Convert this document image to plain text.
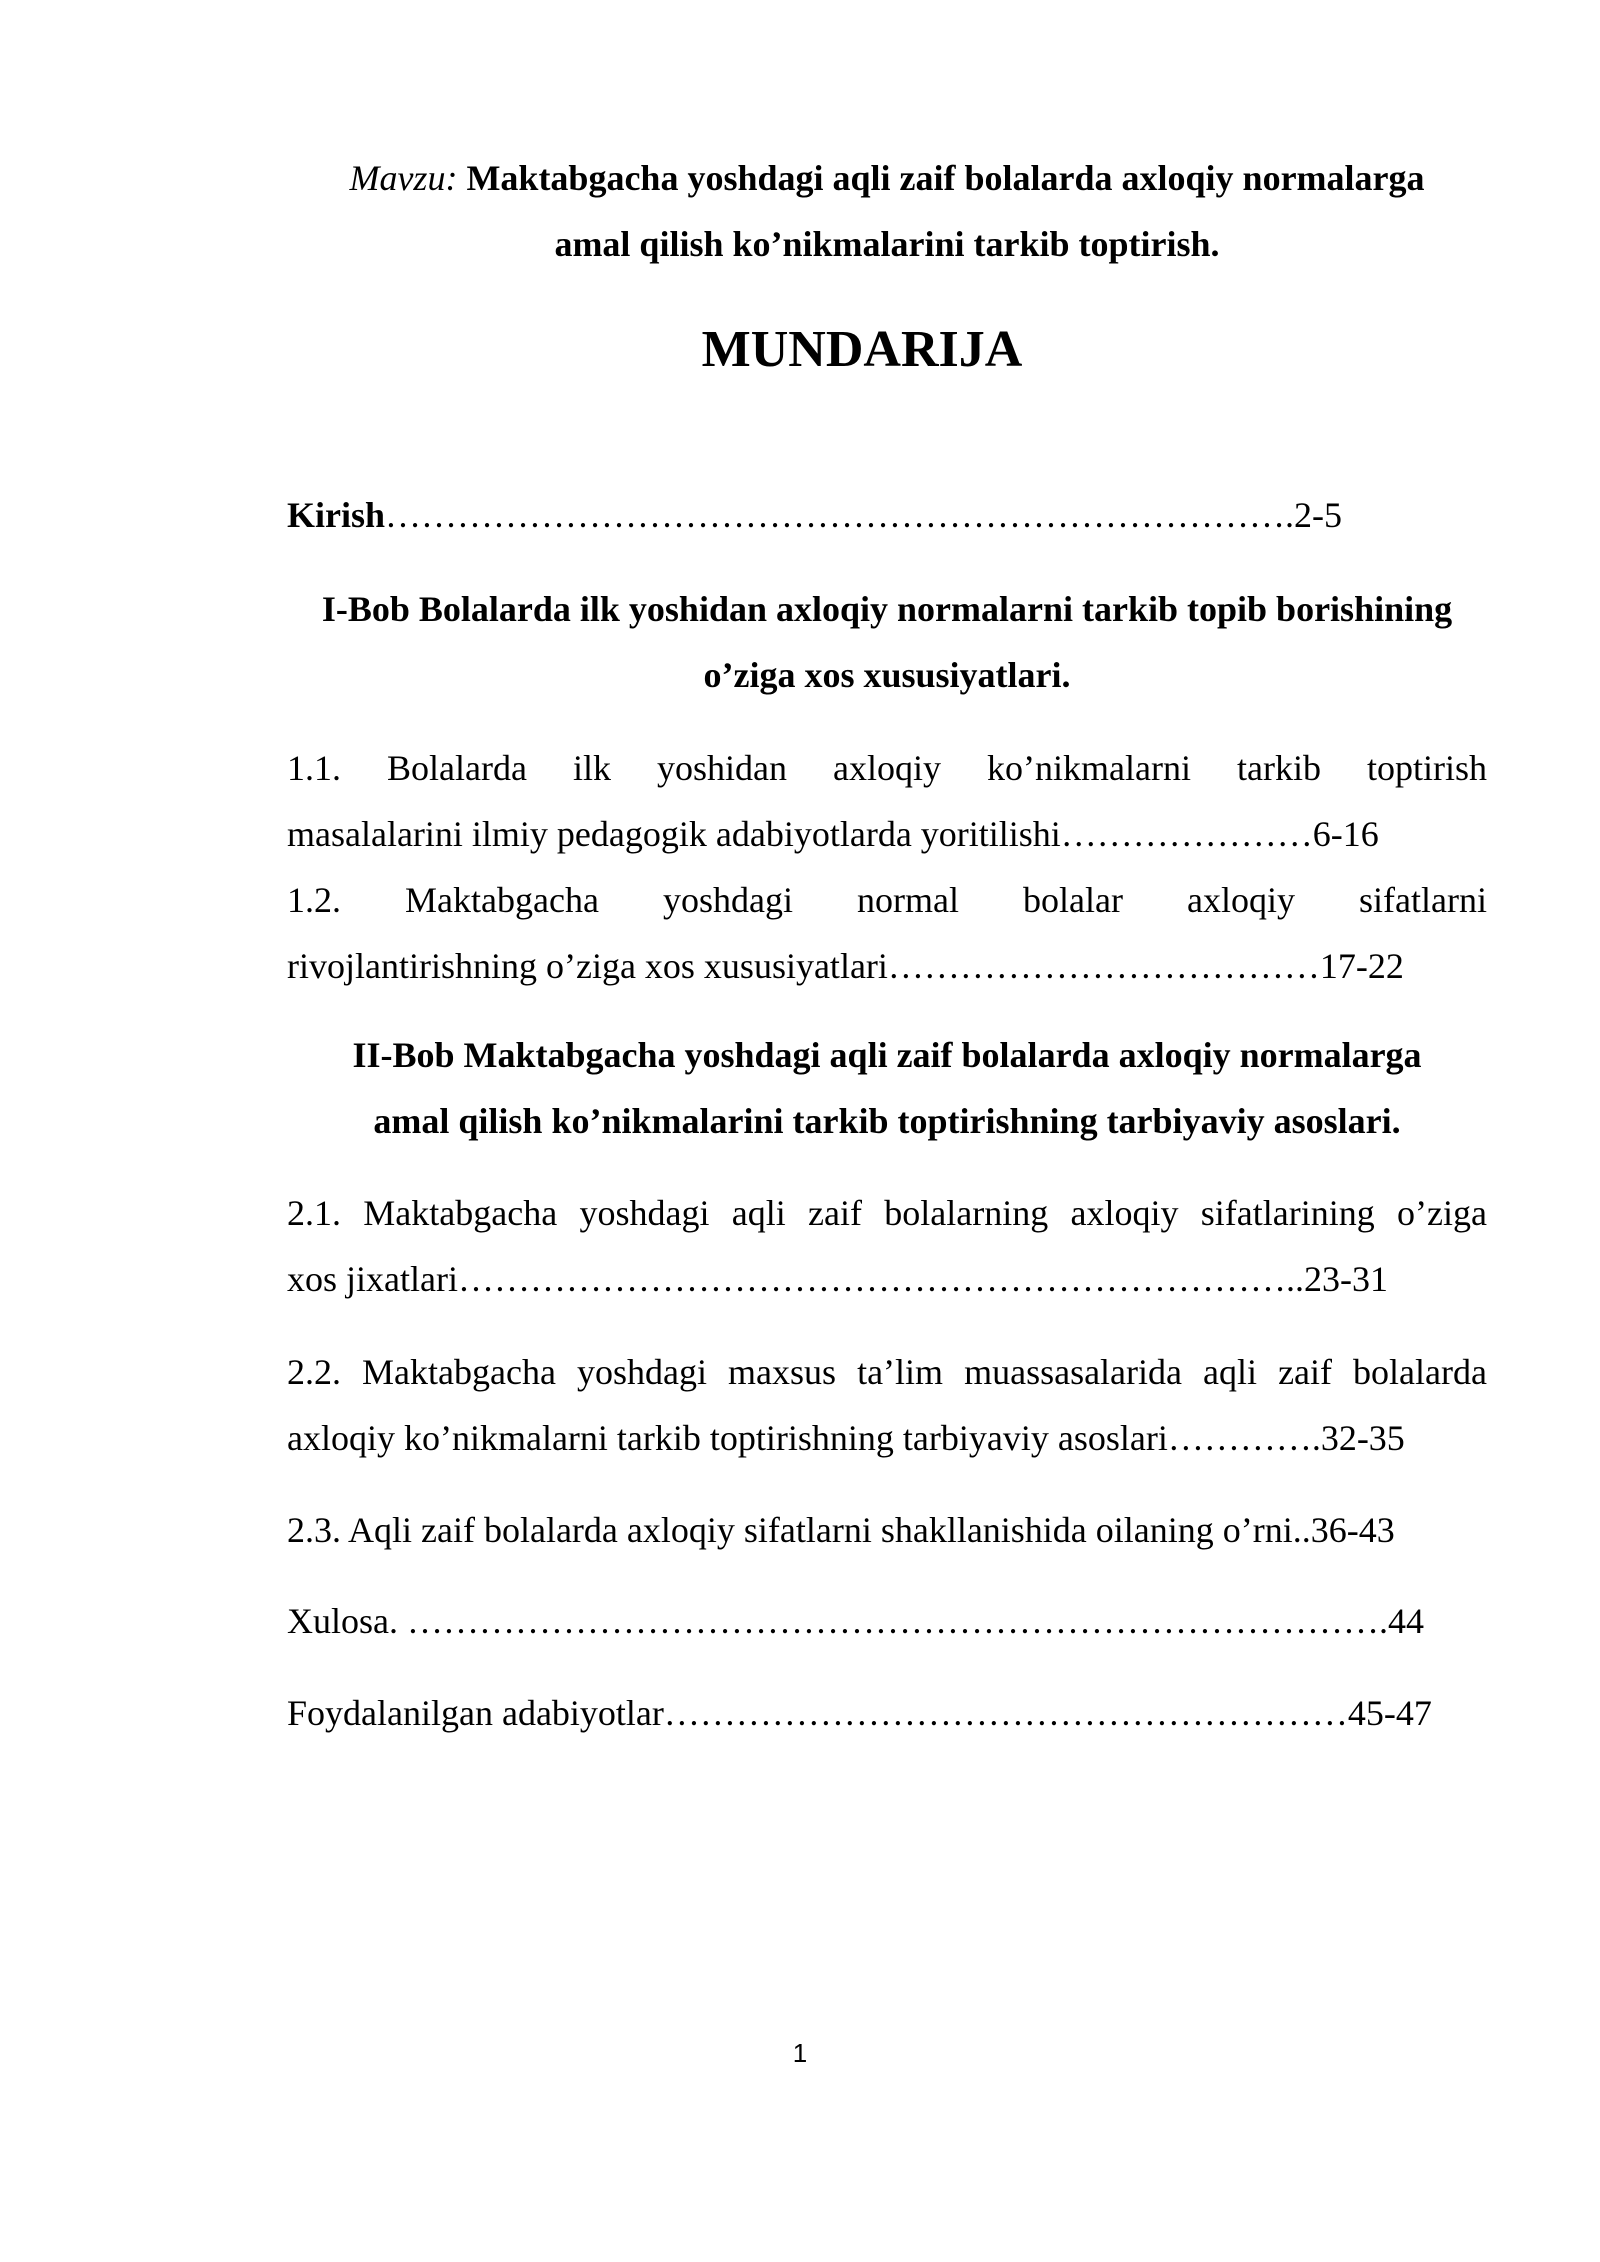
Mavzu: Maktabgacha yoshdagi aqli zaif bolalarda axloqiy normalarga
amal qilish ko’nikmalarini tarkib toptirish.
MUNDARIJA
Kirish………………………………………………………………….2-5
I-Bob Bolalarda ilk yoshidan axloqiy normalarni tarkib topib borishining
o’ziga xos xususiyatlari.
1.1. Bolalarda ilk yoshidan axloqiy ko’nikmalarni tarkib toptirish
masalalarini ilmiy pedagogik adabiyotlarda yoritilishi…………………6-16
1.2. Maktabgacha yoshdagi normal bolalar axloqiy sifatlarni
rivojlantirishning o’ziga xos xususiyatlari………………………………17-22
II-Bob Maktabgacha yoshdagi aqli zaif bolalarda axloqiy normalarga
amal qilish ko’nikmalarini tarkib toptirishning tarbiyaviy asoslari.
2.1. Maktabgacha yoshdagi aqli zaif bolalarning axloqiy sifatlarining o’ziga
xos jixatlari……………………………………………………………..23-31
2.2. Maktabgacha yoshdagi maxsus ta’lim muassasalarida aqli zaif bolalarda
axloqiy ko’nikmalarni tarkib toptirishning tarbiyaviy asoslari………….32-35
2.3. Aqli zaif bolalarda axloqiy sifatlarni shakllanishida oilaning o’rni..36-43
Xulosa. ……………………………………………………………………….44
Foydalanilgan adabiyotlar…………………………………………………45-47
1
